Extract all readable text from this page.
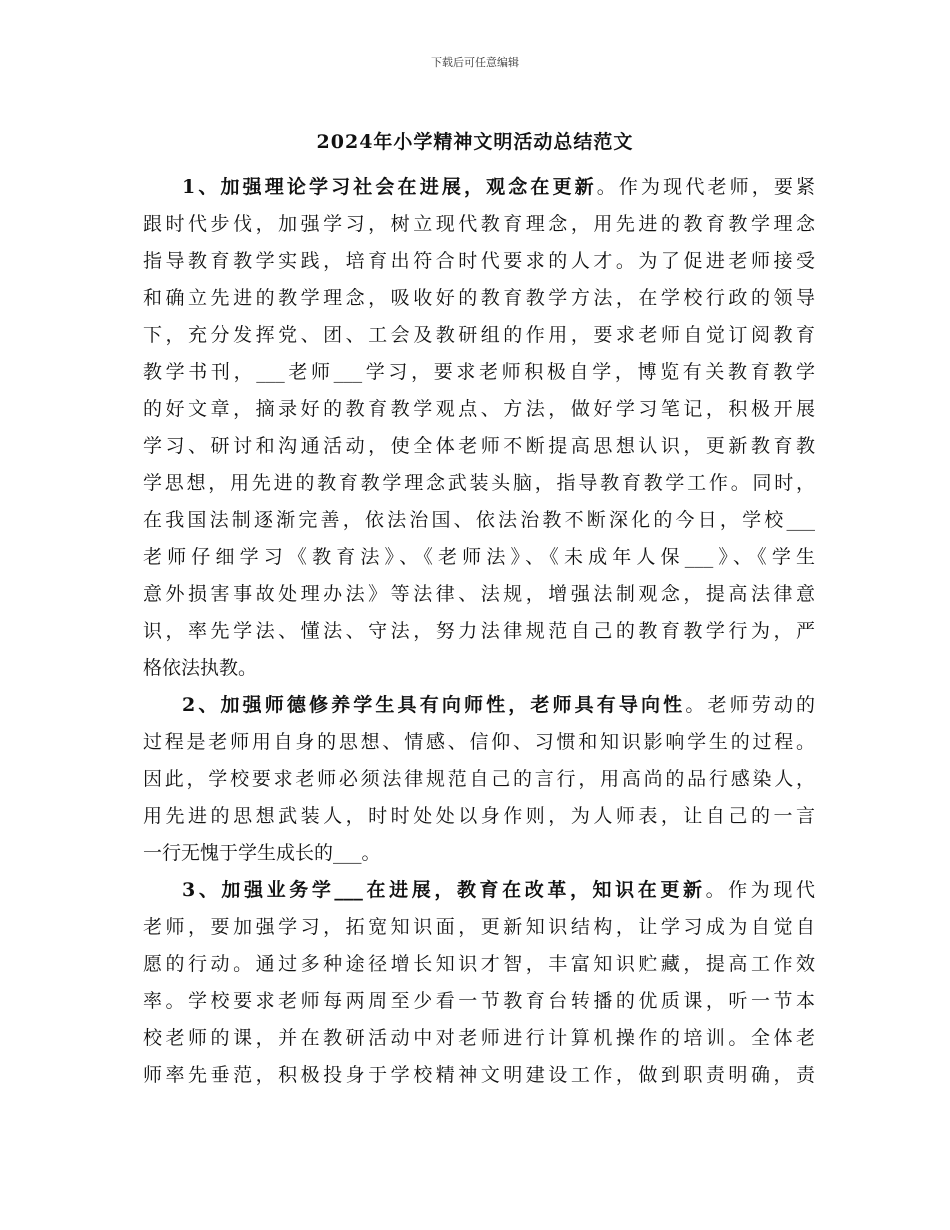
下载后可任意编辑
2024年小学精神文明活动总结范文
1、加强理论学习社会在进展，观念在更新。作为现代老师，要紧
跟时代步伐，加强学习，树立现代教育理念，用先进的教育教学理念
指导教育教学实践，培育出符合时代要求的人才。为了促进老师接受
和确立先进的教学理念，吸收好的教育教学方法，在学校行政的领导
下，充分发挥党、团、工会及教研组的作用，要求老师自觉订阅教育
教学书刊，___老师___学习，要求老师积极自学，博览有关教育教学
的好文章，摘录好的教育教学观点、方法，做好学习笔记，积极开展
学习、研讨和沟通活动，使全体老师不断提高思想认识，更新教育教
学思想，用先进的教育教学理念武装头脑，指导教育教学工作。同时，
在我国法制逐渐完善，依法治国、依法治教不断深化的今日，学校___
老师仔细学习《教育法》、《老师法》、《未成年人保___》、《学生
意外损害事故处理办法》等法律、法规，增强法制观念，提高法律意
识，率先学法、懂法、守法，努力法律规范自己的教育教学行为，严
格依法执教。
2、加强师德修养学生具有向师性，老师具有导向性。老师劳动的
过程是老师用自身的思想、情感、信仰、习惯和知识影响学生的过程。
因此，学校要求老师必须法律规范自己的言行，用高尚的品行感染人，
用先进的思想武装人，时时处处以身作则，为人师表，让自己的一言
一行无愧于学生成长的___。
3、加强业务学___在进展，教育在改革，知识在更新。作为现代
老师，要加强学习，拓宽知识面，更新知识结构，让学习成为自觉自
愿的行动。通过多种途径增长知识才智，丰富知识贮藏，提高工作效
率。学校要求老师每两周至少看一节教育台转播的优质课，听一节本
校老师的课，并在教研活动中对老师进行计算机操作的培训。全体老
师率先垂范，积极投身于学校精神文明建设工作，做到职责明确，责
